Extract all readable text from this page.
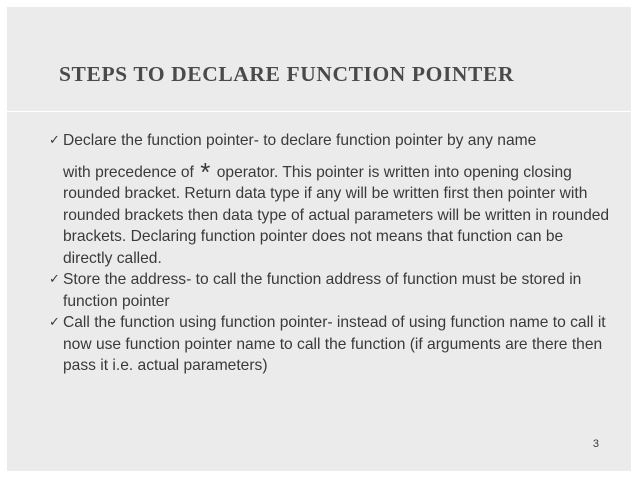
STEPS TO DECLARE FUNCTION POINTER
✓ Declare the function pointer- to declare function pointer by any name
with precedence of * operator. This pointer is written into opening closing rounded bracket. Return data type if any will be written first then pointer with rounded brackets then data type of actual parameters will be written in rounded brackets. Declaring function pointer does not means that function can be directly called.
✓ Store the address- to call the function address of function must be stored in function pointer
✓ Call the function using function pointer- instead of using function name to call it now use function pointer name to call the function (if arguments are there then pass it i.e. actual parameters)
3
